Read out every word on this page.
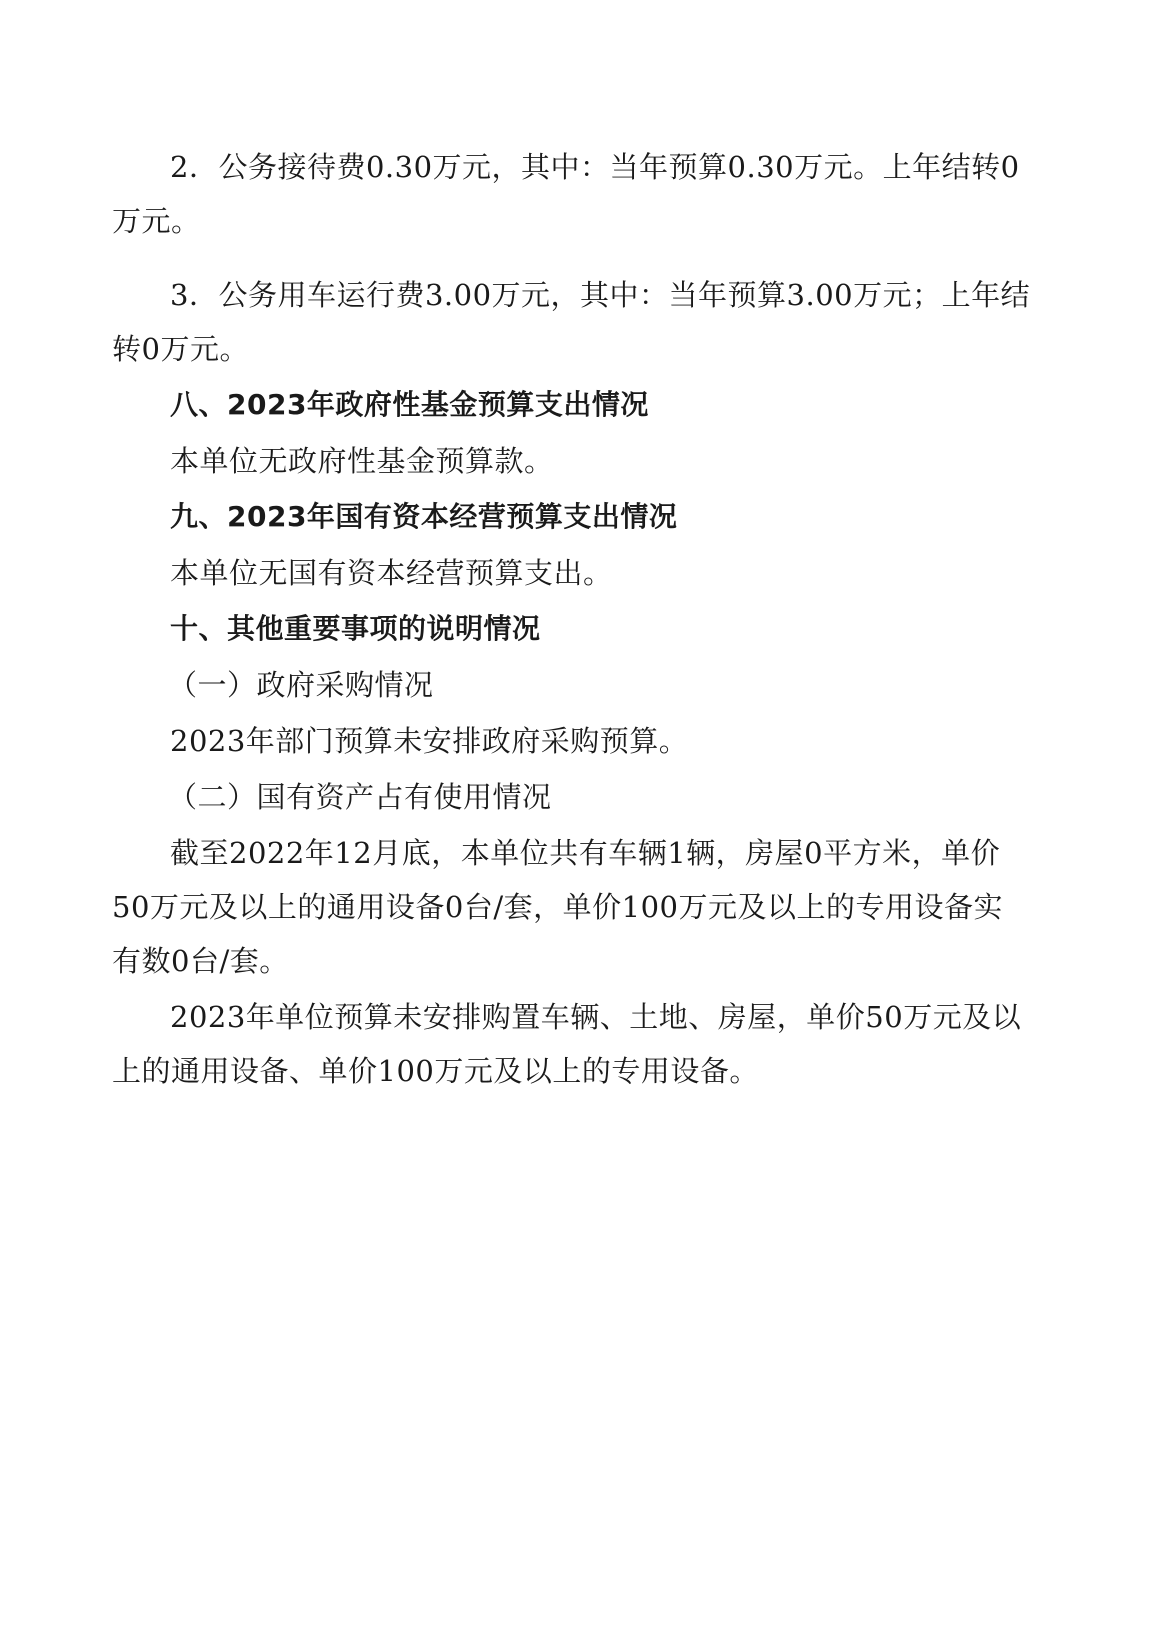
2．公务接待费0.30万元，其中：当年预算0.30万元。上年结转0万元。

3．公务用车运行费3.00万元，其中：当年预算3.00万元；上年结转0万元。

八、2023年政府性基金预算支出情况

本单位无政府性基金预算款。

九、2023年国有资本经营预算支出情况

本单位无国有资本经营预算支出。

十、其他重要事项的说明情况

（一）政府采购情况

2023年部门预算未安排政府采购预算。

（二）国有资产占有使用情况

截至2022年12月底，本单位共有车辆1辆，房屋0平方米，单价50万元及以上的通用设备0台/套，单价100万元及以上的专用设备实有数0台/套。

2023年单位预算未安排购置车辆、土地、房屋，单价50万元及以上的通用设备、单价100万元及以上的专用设备。
